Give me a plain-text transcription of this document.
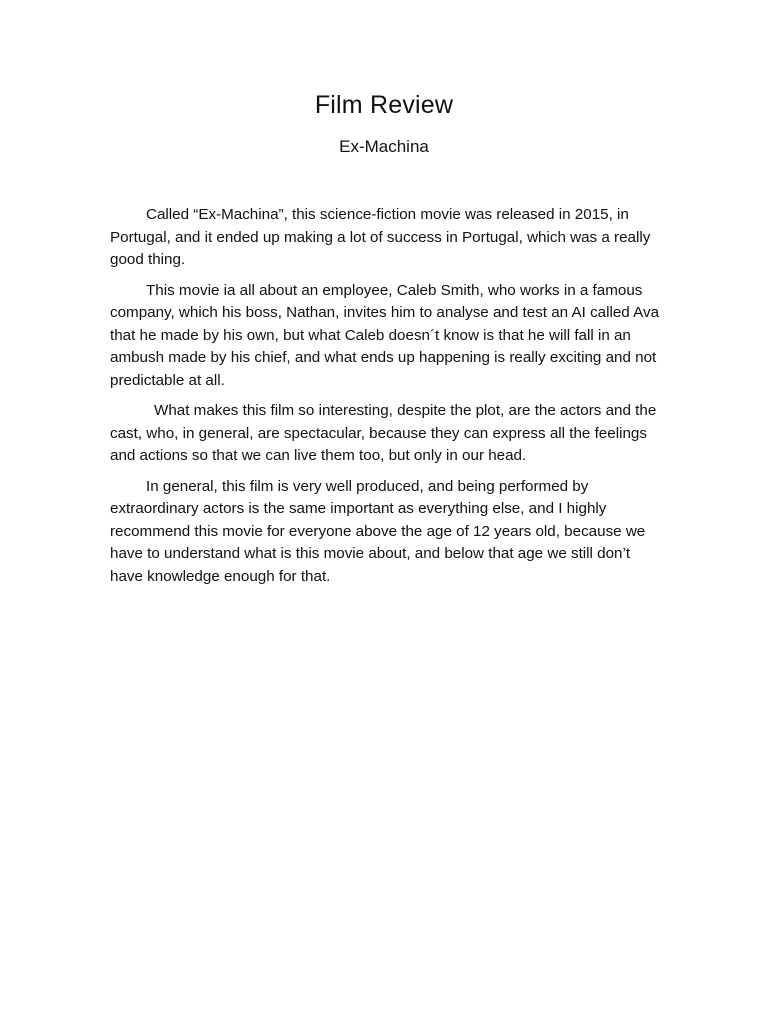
Film Review
Ex-Machina

Called “Ex-Machina”, this science-fiction movie was released in 2015, in Portugal, and it ended up making a lot of success in Portugal, which was a really good thing.

This movie ia all about an employee, Caleb Smith, who works in a famous company, which his boss, Nathan, invites him to analyse and test an AI called Ava that he made by his own, but what Caleb doesn´t know is that he will fall in an ambush made by his chief, and what ends up happening is really exciting and not predictable at all.

What makes this film so interesting, despite the plot, are the actors and the cast, who, in general, are spectacular, because they can express all the feelings and actions so that we can live them too, but only in our head.

In general, this film is very well produced, and being performed by extraordinary actors is the same important as everything else, and I highly recommend this movie for everyone above the age of 12 years old, because we have to understand what is this movie about, and below that age we still don’t have knowledge enough for that.
